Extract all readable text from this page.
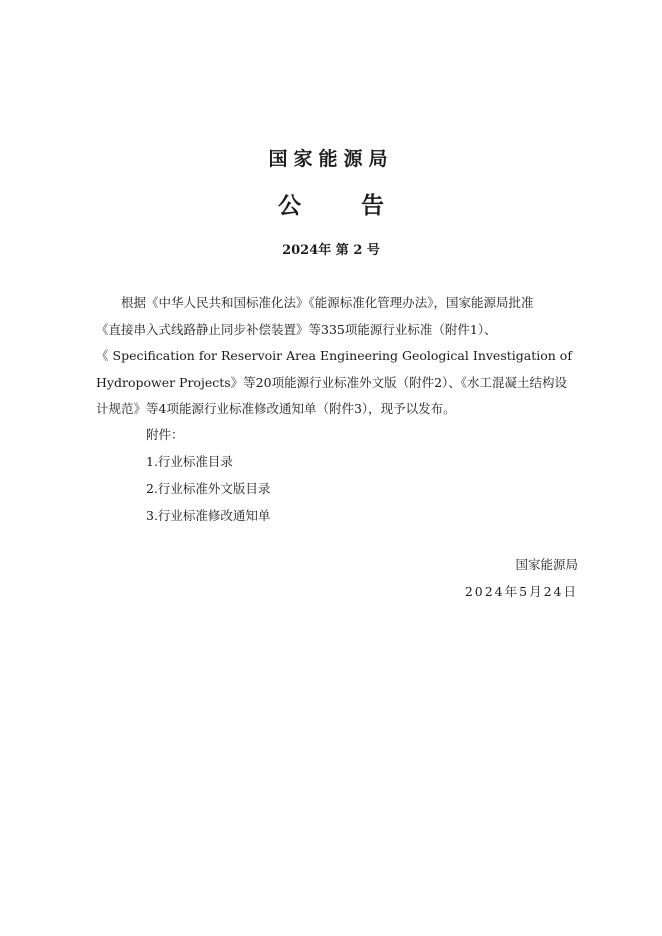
国家能源局
公 告
2024年 第 2 号
根据《中华人民共和国标准化法》《能源标准化管理办法》，国家能源局批准
《直接串入式线路静止同步补偿装置》等335项能源行业标准（附件1）、
《 Specification for Reservoir Area Engineering Geological Investigation of
Hydropower Projects》等20项能源行业标准外文版（附件2）、《水工混凝土结构设
计规范》等4项能源行业标准修改通知单（附件3），现予以发布。
附件：
1.行业标准目录
2.行业标准外文版目录
3.行业标准修改通知单
国家能源局
2024年5月24日
